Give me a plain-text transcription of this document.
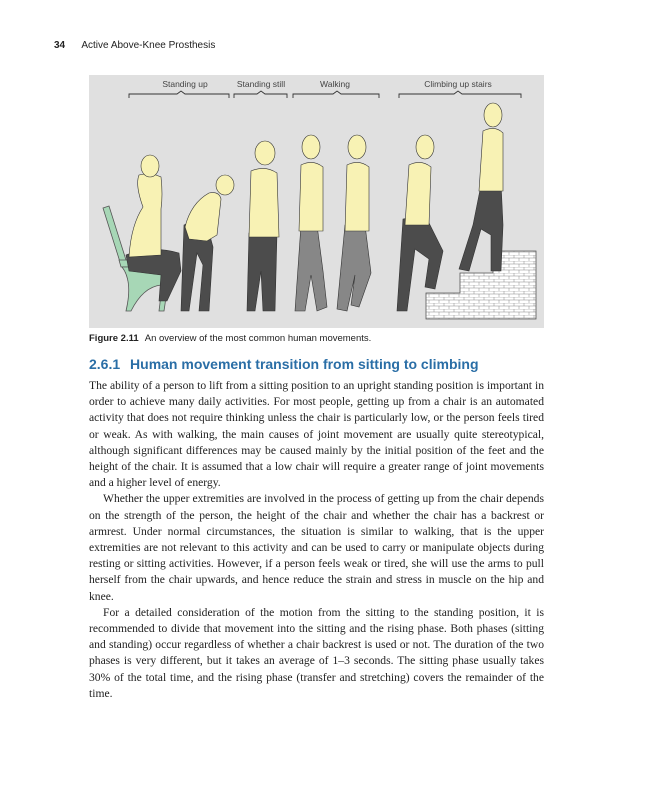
34 Active Above-Knee Prosthesis
Standing up	Standing still	Walking	Climbing up stairs
Figure 2.11 An overview of the most common human movements.
2.6.1 Human movement transition from sitting to climbing

The ability of a person to lift from a sitting position to an upright standing position is important in order to achieve many daily activities. For most people, getting up from a chair is an automated activity that does not require thinking unless the chair is particularly low, or the person feels tired or weak. As with walking, the main causes of joint movement are usually quite stereotypical, although significant differences may be caused mainly by the initial position of the feet and the height of the chair. It is assumed that a low chair will require a greater range of joint movements and a higher level of energy.

Whether the upper extremities are involved in the process of getting up from the chair depends on the strength of the person, the height of the chair and whether the chair has a backrest or armrest. Under normal circumstances, the situation is similar to walking, that is the upper extremities are not relevant to this activity and can be used to carry or manipulate objects during resting or sitting activities. However, if a person feels weak or tired, she will use the arms to pull herself from the chair upwards, and hence reduce the strain and stress in muscle on the hip and knee.

For a detailed consideration of the motion from the sitting to the standing position, it is recommended to divide that movement into the sitting and the rising phase. Both phases (sitting and standing) occur regardless of whether a chair backrest is used or not. The duration of the two phases is very different, but it takes an average of 1–3 seconds. The sitting phase usually takes 30% of the total time, and the rising phase (transfer and stretching) covers the remainder of the time.
